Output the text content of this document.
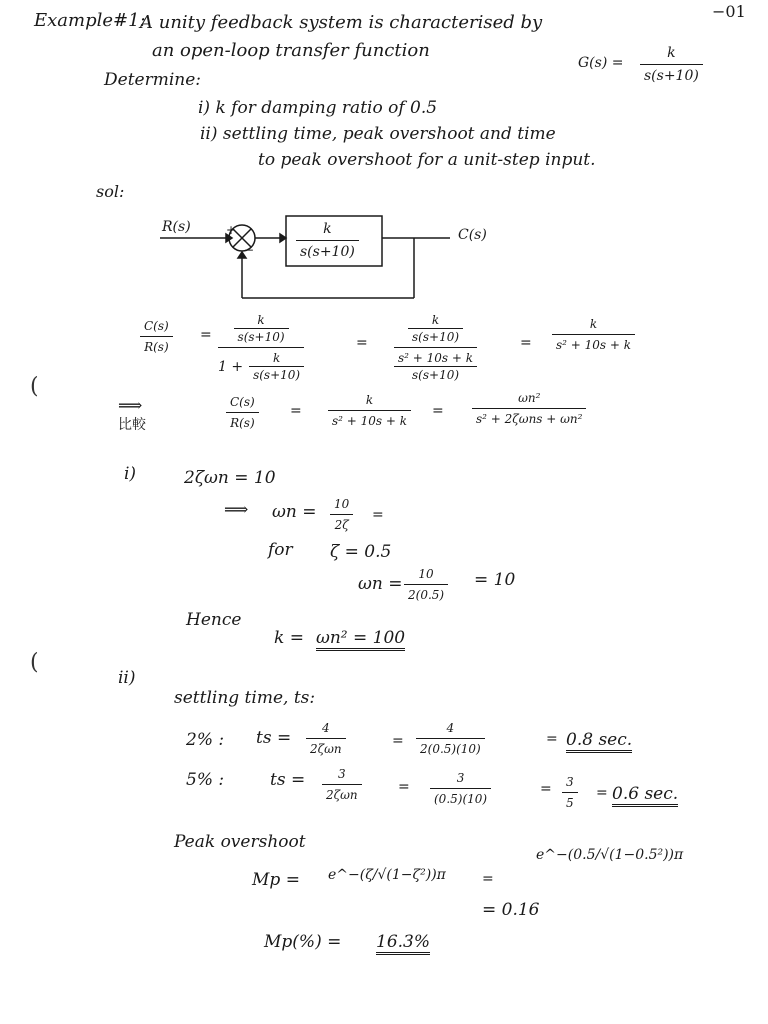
−01
Example#1:
A unity feedback system is characterised by
an open-loop transfer function
G(s) =
k
s(s+10)
Determine:
i) k for damping ratio of 0.5
ii) settling time, peak overshoot and time
to peak overshoot for a unit-step input.
sol:
R(s)	+
−
k
s(s+10)
C(s)
C(s)
R(s)
= $\frac{k}{s(s+10)}$
$1 + \frac{k}{s(s+10)}$
=	$\frac{k}{s(s+10)}$
$\frac{\text{s² + 10s + k}}{s(s+10)}$
=
k
s² + 10s + k
⟹
比較
C(s)
R(s)
=
k
s² + 10s + k
=
ωn²
s² + 2ζωns + ωn²
i)	2ζωn = 10
⟹ ωn =	10
2ζ
=
for ζ = 0.5
ωn =	10
2(0.5)
= 10
Hence
k = ωn² = 100
ii)
settling time, ts:
2% : ts =	4
2ζωn	=
4
2(0.5)(10)
= 0.8 sec.
5% :	ts =	3
2ζωn	=
3
(0.5)(10)
=	3
5
= 0.6 sec.
Peak overshoot
Mp = e^−(ζ/√(1−ζ²))π	=
e^−(0.5/√(1−0.5²))π
= 0.16
Mp(%) = 16.3%
(
(
